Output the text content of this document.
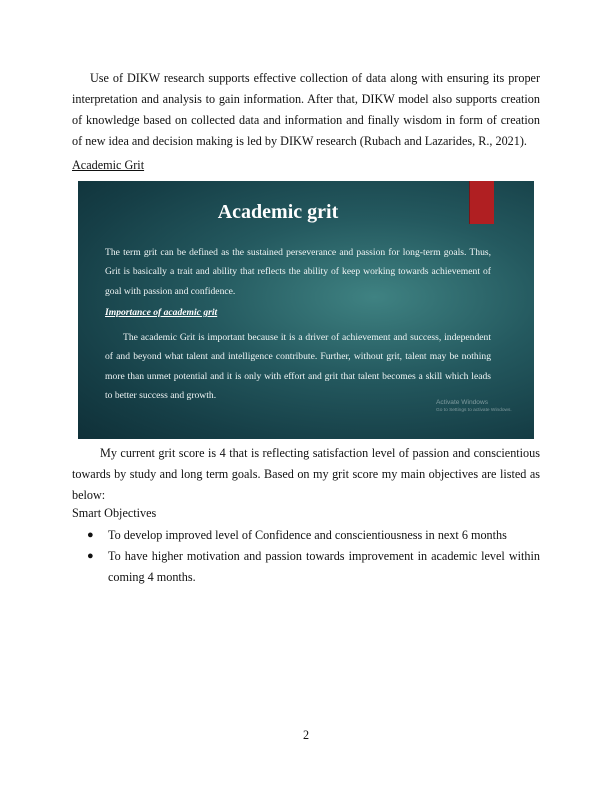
Use of DIKW research supports effective collection of data along with ensuring its proper interpretation and analysis to gain information. After that, DIKW model also supports creation of knowledge based on collected data and information and finally wisdom in form of creation of new idea and decision making is led by DIKW research (Rubach and Lazarides, R., 2021).

Academic Grit

Academic grit

The term grit can be defined as the sustained perseverance and passion for long-term goals. Thus, Grit is basically a trait and ability that reflects the ability of keep working towards achievement of goal with passion and confidence.

Importance of academic grit

The academic Grit is important because it is a driver of achievement and success, independent of and beyond what talent and intelligence contribute. Further, without grit, talent may be nothing more than unmet potential and it is only with effort and grit that talent becomes a skill which leads to better success and growth.

Activate Windows
Go to Settings to activate Windows.

My current grit score is 4 that is reflecting satisfaction level of passion and conscientious towards by study and long term goals. Based on my grit score my main objectives are listed as below:

Smart Objectives

● To develop improved level of Confidence and conscientiousness in next 6 months
● To have higher motivation and passion towards improvement in academic level within coming 4 months.

2
